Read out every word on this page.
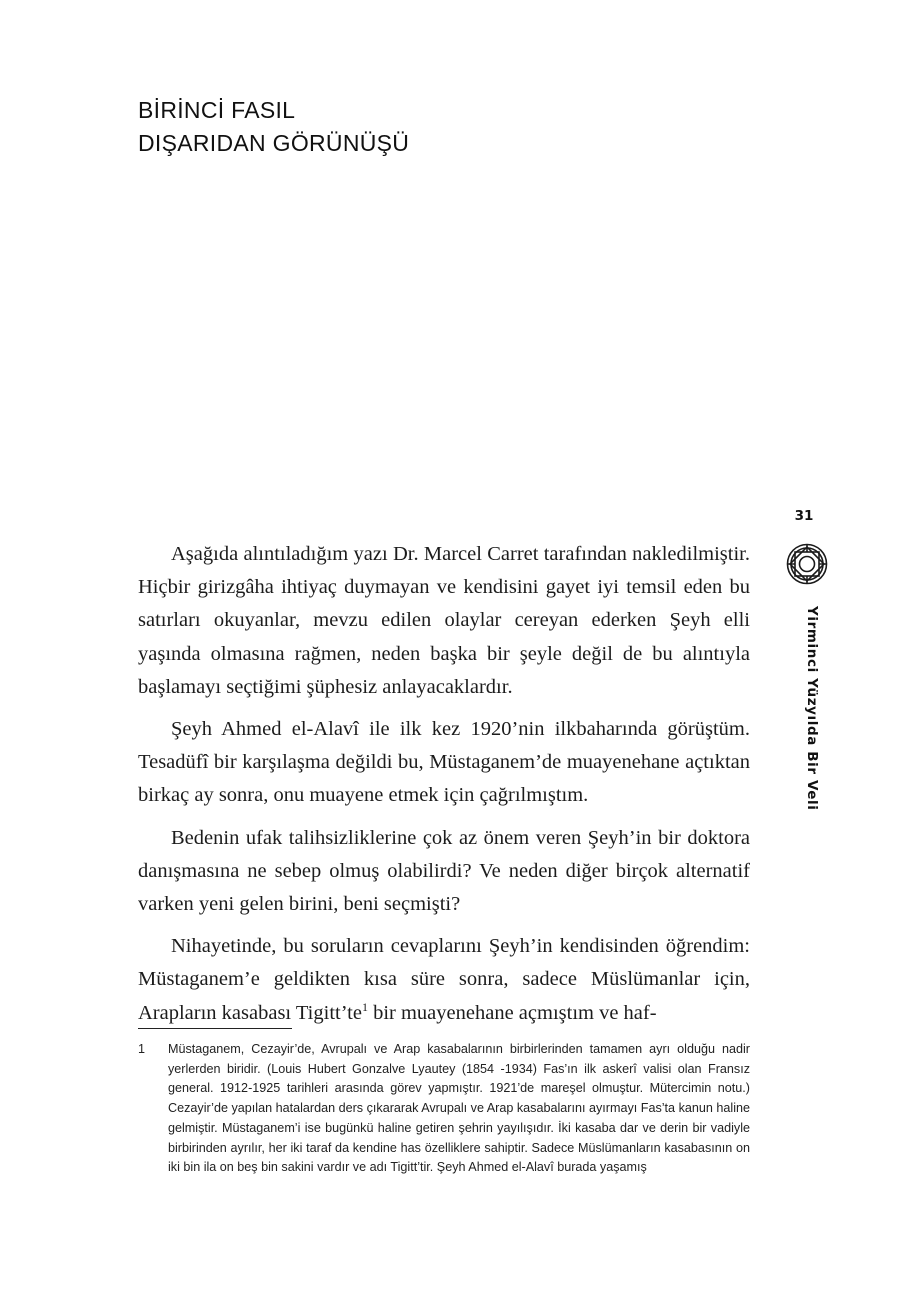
BİRİNCİ FASIL
DIŞARIDAN GÖRÜNÜŞÜ

Aşağıda alıntıladığım yazı Dr. Marcel Carret tarafından nakledilmiştir. Hiçbir girizgâha ihtiyaç duymayan ve kendisini gayet iyi temsil eden bu satırları okuyanlar, mevzu edilen olaylar cereyan ederken Şeyh elli yaşında olmasına rağmen, neden başka bir şeyle değil de bu alıntıyla başlamayı seçtiğimi şüphesiz anlayacaklardır.

Şeyh Ahmed el-Alavî ile ilk kez 1920’nin ilkbaharında görüştüm. Tesadüfî bir karşılaşma değildi bu, Müstaganem’de muayenehane açtıktan birkaç ay sonra, onu muayene etmek için çağrılmıştım.

Bedenin ufak talihsizliklerine çok az önem veren Şeyh’in bir doktora danışmasına ne sebep olmuş olabilirdi? Ve neden diğer birçok alternatif varken yeni gelen birini, beni seçmişti?

Nihayetinde, bu soruların cevaplarını Şeyh’in kendisinden öğrendim: Müstaganem’e geldikten kısa süre sonra, sadece Müslümanlar için, Arapların kasabası $Tigitt’te^1$ bir muayenehane açmıştım ve haf-

1 Müstaganem, Cezayir’de, Avrupalı ve Arap kasabalarının birbirlerinden tamamen ayrı olduğu nadir yerlerden biridir. (Louis Hubert Gonzalve Lyautey (1854 -1934) Fas’ın ilk askerî valisi olan Fransız general. 1912-1925 tarihleri arasında görev yapmıştır. 1921’de mareşel olmuştur. Mütercimin notu.) Cezayir’de yapılan hatalardan ders çıkararak Avrupalı ve Arap kasabalarını ayırmayı Fas’ta kanun haline gelmiştir. Müstaganem’i ise bugünkü haline getiren şehrin yayılışıdır. İki kasaba dar ve derin bir vadiyle birbirinden ayrılır, her iki taraf da kendine has özelliklere sahiptir. Sadece Müslümanların kasabasının on iki bin ila on beş bin sakini vardır ve adı Tigitt’tir. Şeyh Ahmed el-Alavî burada yaşamış
31
Yirminci Yüzyılda Bir Veli
